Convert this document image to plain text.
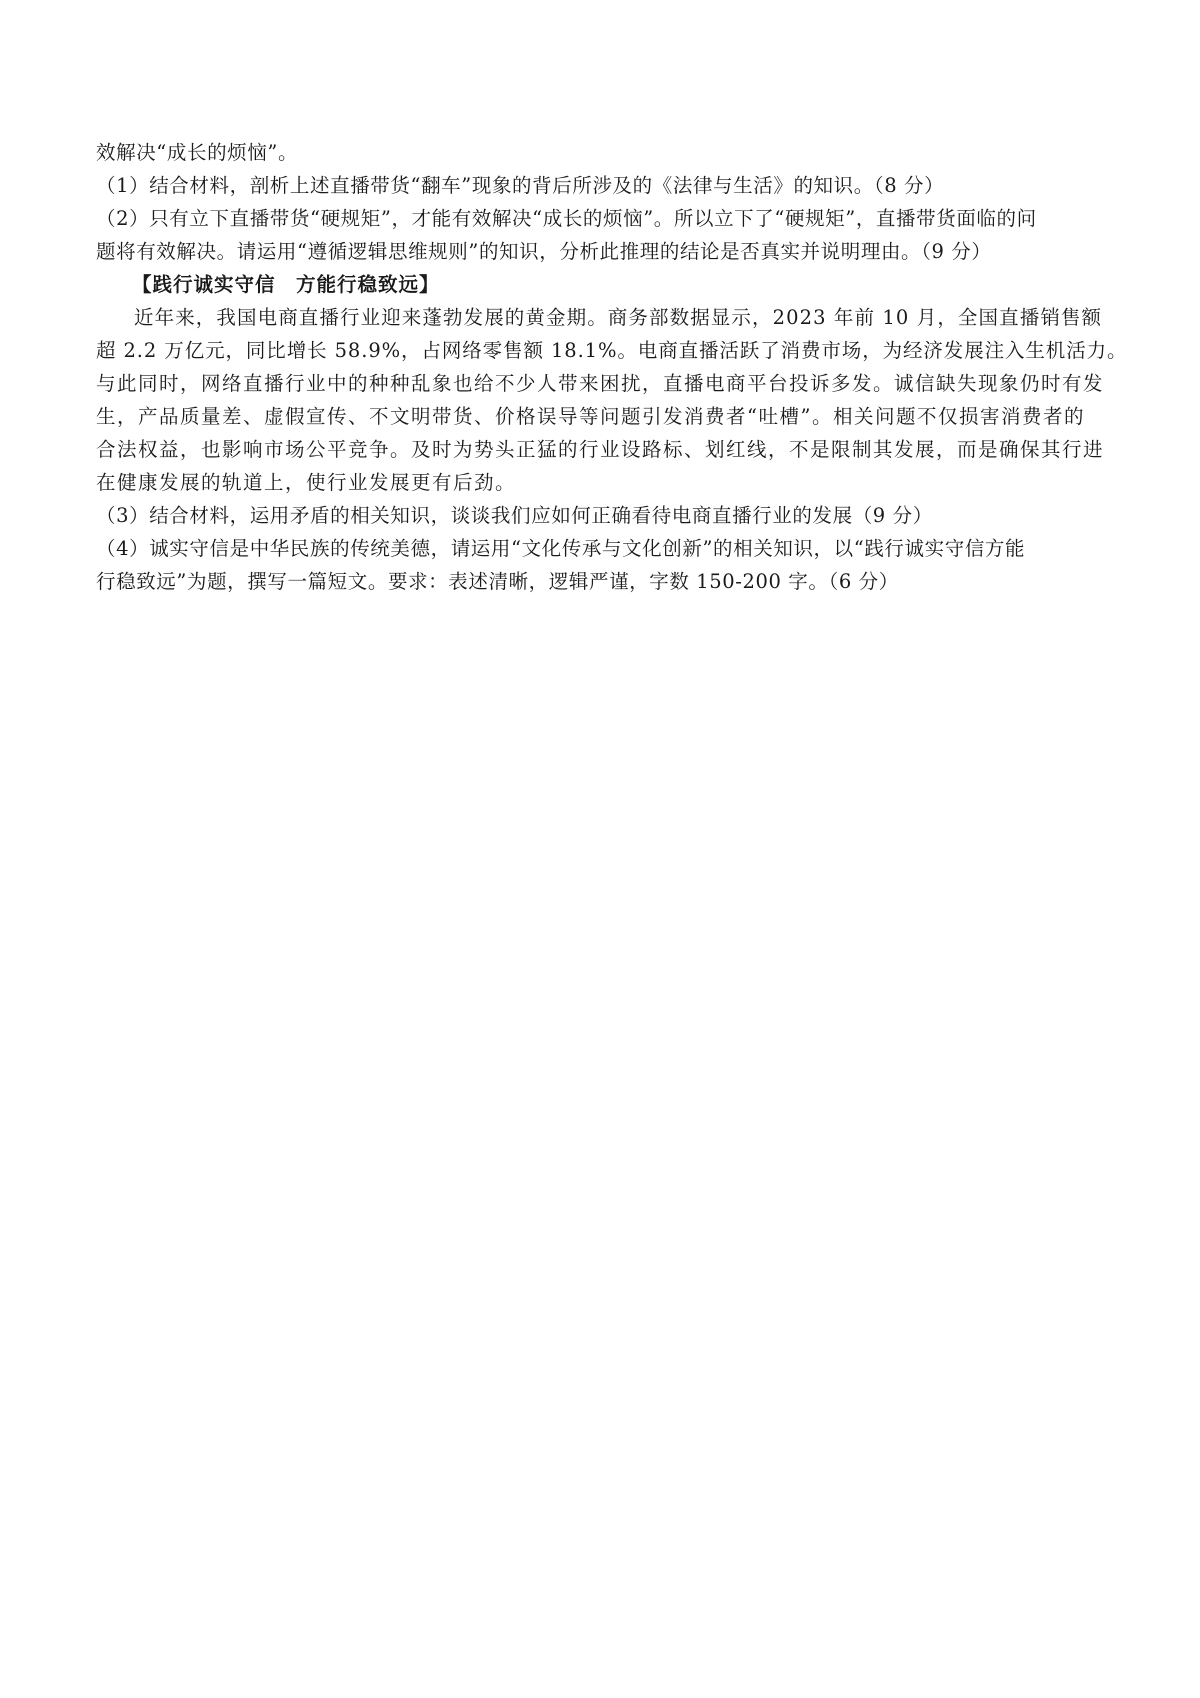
效解决“成长的烦恼”。

（1）结合材料，剖析上述直播带货“翻车”现象的背后所涉及的《法律与生活》的知识。（8 分）

（2）只有立下直播带货“硬规矩”，才能有效解决“成长的烦恼”。所以立下了“硬规矩”，直播带货面临的问

题将有效解决。请运用“遵循逻辑思维规则”的知识，分析此推理的结论是否真实并说明理由。（9 分）

【践行诚实守信　方能行稳致远】

近年来，我国电商直播行业迎来蓬勃发展的黄金期。商务部数据显示，2023 年前 10 月，全国直播销售额

超 2.2 万亿元，同比增长 58.9%，占网络零售额 18.1%。电商直播活跃了消费市场，为经济发展注入生机活力。

与此同时，网络直播行业中的种种乱象也给不少人带来困扰，直播电商平台投诉多发。诚信缺失现象仍时有发

生，产品质量差、虚假宣传、不文明带货、价格误导等问题引发消费者“吐槽”。相关问题不仅损害消费者的

合法权益，也影响市场公平竞争。及时为势头正猛的行业设路标、划红线，不是限制其发展，而是确保其行进

在健康发展的轨道上，使行业发展更有后劲。

（3）结合材料，运用矛盾的相关知识，谈谈我们应如何正确看待电商直播行业的发展（9 分）

（4）诚实守信是中华民族的传统美德，请运用“文化传承与文化创新”的相关知识，以“践行诚实守信方能

行稳致远”为题，撰写一篇短文。要求：表述清晰，逻辑严谨，字数 150-200 字。（6 分）
